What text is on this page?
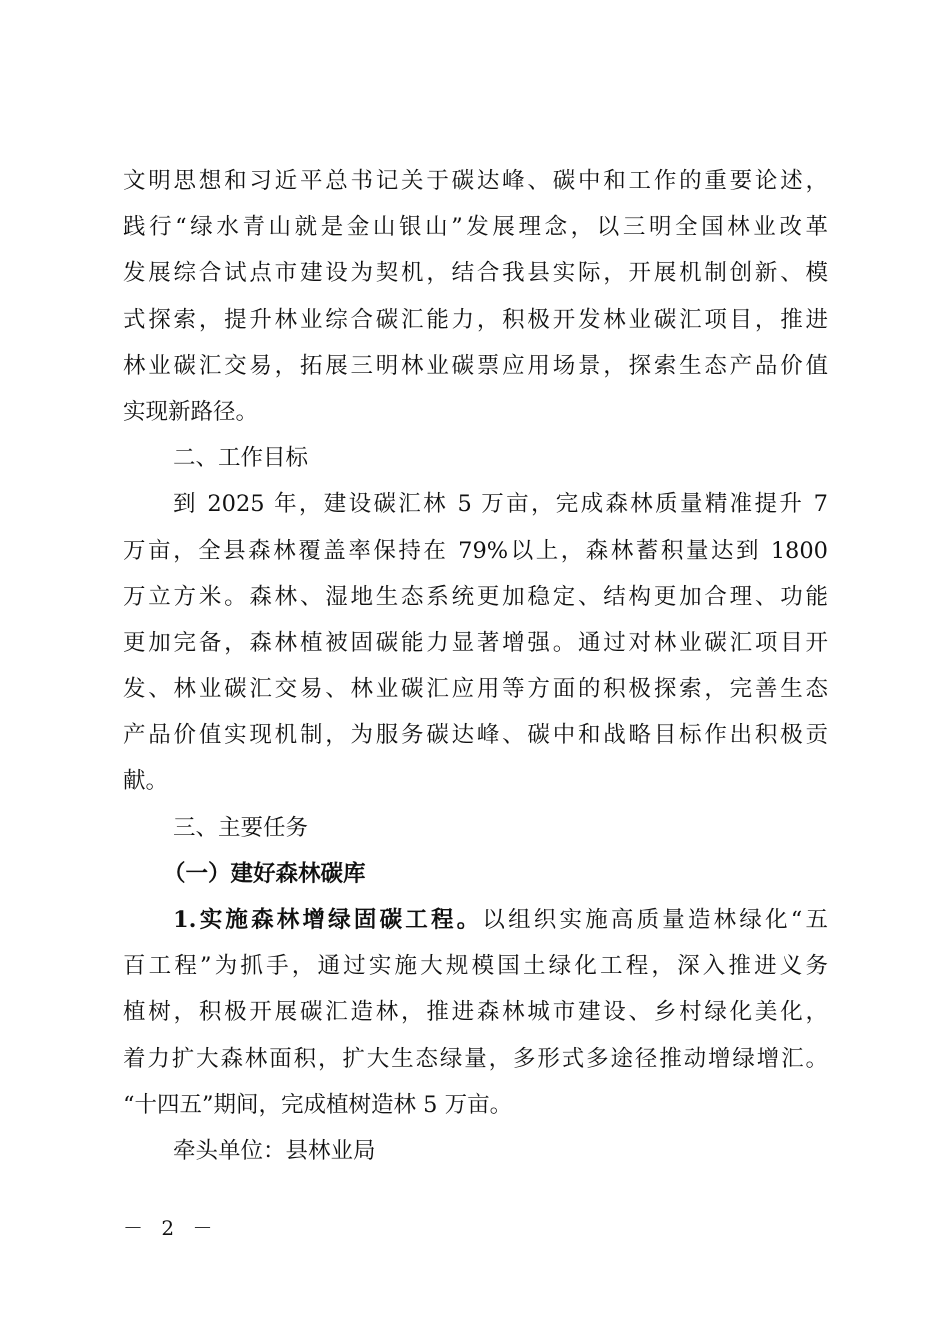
文明思想和习近平总书记关于碳达峰、碳中和工作的重要论述，
践行“绿水青山就是金山银山”发展理念，以三明全国林业改革
发展综合试点市建设为契机，结合我县实际，开展机制创新、模
式探索，提升林业综合碳汇能力，积极开发林业碳汇项目，推进
林业碳汇交易，拓展三明林业碳票应用场景，探索生态产品价值
实现新路径。
二、工作目标
到 2025 年，建设碳汇林 5 万亩，完成森林质量精准提升 7
万亩，全县森林覆盖率保持在 79%以上，森林蓄积量达到 1800
万立方米。森林、湿地生态系统更加稳定、结构更加合理、功能
更加完备，森林植被固碳能力显著增强。通过对林业碳汇项目开
发、林业碳汇交易、林业碳汇应用等方面的积极探索，完善生态
产品价值实现机制，为服务碳达峰、碳中和战略目标作出积极贡
献。
三、主要任务
（一）建好森林碳库
1.实施森林增绿固碳工程。以组织实施高质量造林绿化“五
百工程”为抓手，通过实施大规模国土绿化工程，深入推进义务
植树，积极开展碳汇造林，推进森林城市建设、乡村绿化美化，
着力扩大森林面积，扩大生态绿量，多形式多途径推动增绿增汇。
“十四五”期间，完成植树造林 5 万亩。
牵头单位：县林业局
－ 2 －
